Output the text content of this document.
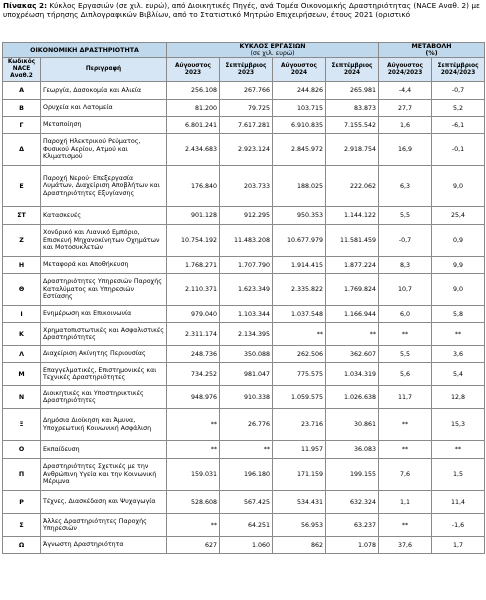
Πίνακας 2: Κύκλος Εργασιών (σε χιλ. ευρώ), από Διοικητικές Πηγές, ανά Τομέα Οικονομικής Δραστηριότητας (NACE Αναθ. 2) με υποχρέωση τήρησης Διπλογραφικών Βιβλίων, από το Στατιστικό Μητρώο Επιχειρήσεων, έτους 2021 (οριστικό
ΟΙΚΟΝΟΜΙΚΗ ΔΡΑΣΤΗΡΙΟΤΗΤΑ		ΚΥΚΛΟΣ ΕΡΓΑΣΙΩΝ
(σε χιλ. ευρώ)				ΜΕΤΑΒΟΛΗ
(%)	
Κωδικός NACE Αναθ.2	Περιγραφή	Αύγουστος 2023	Σεπτέμβριος 2023	Αύγουστος 2024	Σεπτέμβριος 2024	Αύγουστος 2024/2023	Σεπτέμβριος 2024/2023
Α	Γεωργία, Δασοκομία και Αλιεία	256.108	267.766	244.826	265.981	-4,4	-0,7
Β	Ορυχεία και Λατομεία	81.200	79.725	103.715	83.873	27,7	5,2
Γ	Μεταποίηση	6.801.241	7.617.281	6.910.835	7.155.542	1,6	-6,1
Δ	Παροχή Ηλεκτρικού Ρεύματος, Φυσικού Αερίου, Ατμού και Κλιματισμού	2.434.683	2.923.124	2.845.972	2.918.754	16,9	-0,1
Ε	Παροχή Νερού· Επεξεργασία Λυμάτων, Διαχείριση Αποβλήτων και Δραστηριότητες Εξυγίανσης	176.840	203.733	188.025	222.062	6,3	9,0
ΣΤ	Κατασκευές	901.128	912.295	950.353	1.144.122	5,5	25,4
Ζ	Χονδρικό και Λιανικό Εμπόριο, Επισκευή Μηχανοκίνητων Οχημάτων και Μοτοσυκλετών	10.754.192	11.483.208	10.677.979	11.581.459	-0,7	0,9
Η	Μεταφορά και Αποθήκευση	1.768.271	1.707.790	1.914.415	1.877.224	8,3	9,9
Θ	Δραστηριότητες Υπηρεσιών Παροχής Καταλύματος και Υπηρεσιών Εστίασης	2.110.371	1.623.349	2.335.822	1.769.824	10,7	9,0
Ι	Ενημέρωση και Επικοινωνία	979.040	1.103.344	1.037.548	1.166.944	6,0	5,8
Κ	Χρηματοπιστωτικές και Ασφαλιστικές Δραστηριότητες	2.311.174	2.134.395	**	**	**	**
Λ	Διαχείριση Ακίνητης Περιουσίας	248.736	350.088	262.506	362.607	5,5	3,6
Μ	Επαγγελματικές, Επιστημονικές και Τεχνικές Δραστηριότητες	734.252	981.047	775.575	1.034.319	5,6	5,4
Ν	Διοικητικές και Υποστηρικτικές Δραστηριότητες	948.976	910.338	1.059.575	1.026.638	11,7	12,8
Ξ	Δημόσια Διοίκηση και Άμυνα, Υποχρεωτική Κοινωνική Ασφάλιση	**	26.776	23.716	30.861	**	15,3
Ο	Εκπαίδευση	**	**	11.957	36.083	**	**
Π	Δραστηριότητες Σχετικές με την Ανθρώπινη Υγεία και την Κοινωνική Μέριμνα	159.031	196.180	171.159	199.155	7,6	1,5
Ρ	Τέχνες, Διασκέδαση και Ψυχαγωγία	528.608	567.425	534.431	632.324	1,1	11,4
Σ	Άλλες Δραστηριότητες Παροχής Υπηρεσιών	**	64.251	56.953	63.237	**	-1,6
Ω	Άγνωστη Δραστηριότητα	627	1.060	862	1.078	37,6	1,7
